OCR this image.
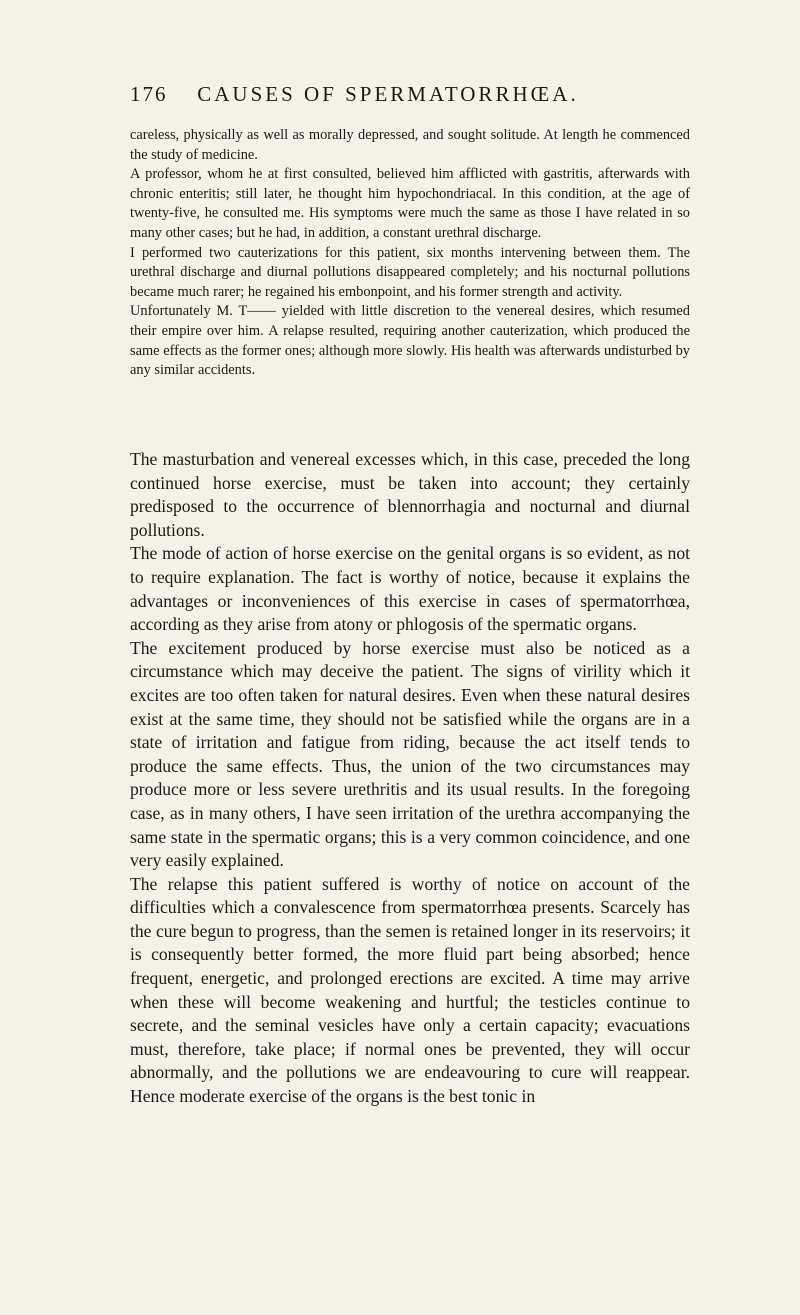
176 CAUSES OF SPERMATORRHŒA.

careless, physically as well as morally depressed, and sought solitude. At length he commenced the study of medicine.

A professor, whom he at first consulted, believed him afflicted with gastritis, afterwards with chronic enteritis; still later, he thought him hypochondriacal. In this condition, at the age of twenty-five, he consulted me. His symptoms were much the same as those I have related in so many other cases; but he had, in addition, a constant urethral discharge.

I performed two cauterizations for this patient, six months intervening between them. The urethral discharge and diurnal pollutions disappeared completely; and his nocturnal pollutions became much rarer; he regained his embonpoint, and his former strength and activity.

Unfortunately M. T—— yielded with little discretion to the venereal desires, which resumed their empire over him. A relapse resulted, requiring another cauterization, which produced the same effects as the former ones; although more slowly. His health was afterwards undisturbed by any similar accidents.

The masturbation and venereal excesses which, in this case, preceded the long continued horse exercise, must be taken into account; they certainly predisposed to the occurrence of blennorrhagia and nocturnal and diurnal pollutions.

The mode of action of horse exercise on the genital organs is so evident, as not to require explanation. The fact is worthy of notice, because it explains the advantages or inconveniences of this exercise in cases of spermatorrhœa, according as they arise from atony or phlogosis of the spermatic organs.

The excitement produced by horse exercise must also be noticed as a circumstance which may deceive the patient. The signs of virility which it excites are too often taken for natural desires. Even when these natural desires exist at the same time, they should not be satisfied while the organs are in a state of irritation and fatigue from riding, because the act itself tends to produce the same effects. Thus, the union of the two circumstances may produce more or less severe urethritis and its usual results. In the foregoing case, as in many others, I have seen irritation of the urethra accompanying the same state in the spermatic organs; this is a very common coincidence, and one very easily explained.

The relapse this patient suffered is worthy of notice on account of the difficulties which a convalescence from spermatorrhœa presents. Scarcely has the cure begun to progress, than the semen is retained longer in its reservoirs; it is consequently better formed, the more fluid part being absorbed; hence frequent, energetic, and prolonged erections are excited. A time may arrive when these will become weakening and hurtful; the testicles continue to secrete, and the seminal vesicles have only a certain capacity; evacuations must, therefore, take place; if normal ones be prevented, they will occur abnormally, and the pollutions we are endeavouring to cure will reappear. Hence moderate exercise of the organs is the best tonic in
